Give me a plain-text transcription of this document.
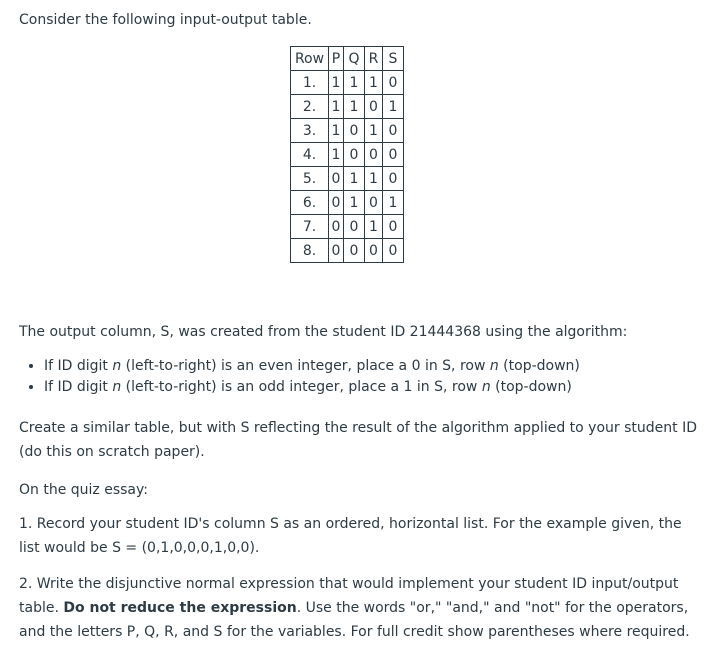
Consider the following input-output table.
Row	P	Q	R	S
1.	1	1	1	0
2.	1	1	0	1
3.	1	0	1	0
4.	1	0	0	0
5.	0	1	1	0
6.	0	1	0	1
7.	0	0	1	0
8.	0	0	0	0
The output column, S, was created from the student ID 21444368 using the algorithm:
• If ID digit n (left-to-right) is an even integer, place a 0 in S, row n (top-down)
• If ID digit n (left-to-right) is an odd integer, place a 1 in S, row n (top-down)
Create a similar table, but with S reflecting the result of the algorithm applied to your student ID (do this on scratch paper).
On the quiz essay:
1. Record your student ID's column S as an ordered, horizontal list. For the example given, the list would be S = (0,1,0,0,0,1,0,0).
2. Write the disjunctive normal expression that would implement your student ID input/output table. Do not reduce the expression. Use the words "or," "and," and "not" for the operators, and the letters P, Q, R, and S for the variables. For full credit show parentheses where required.
